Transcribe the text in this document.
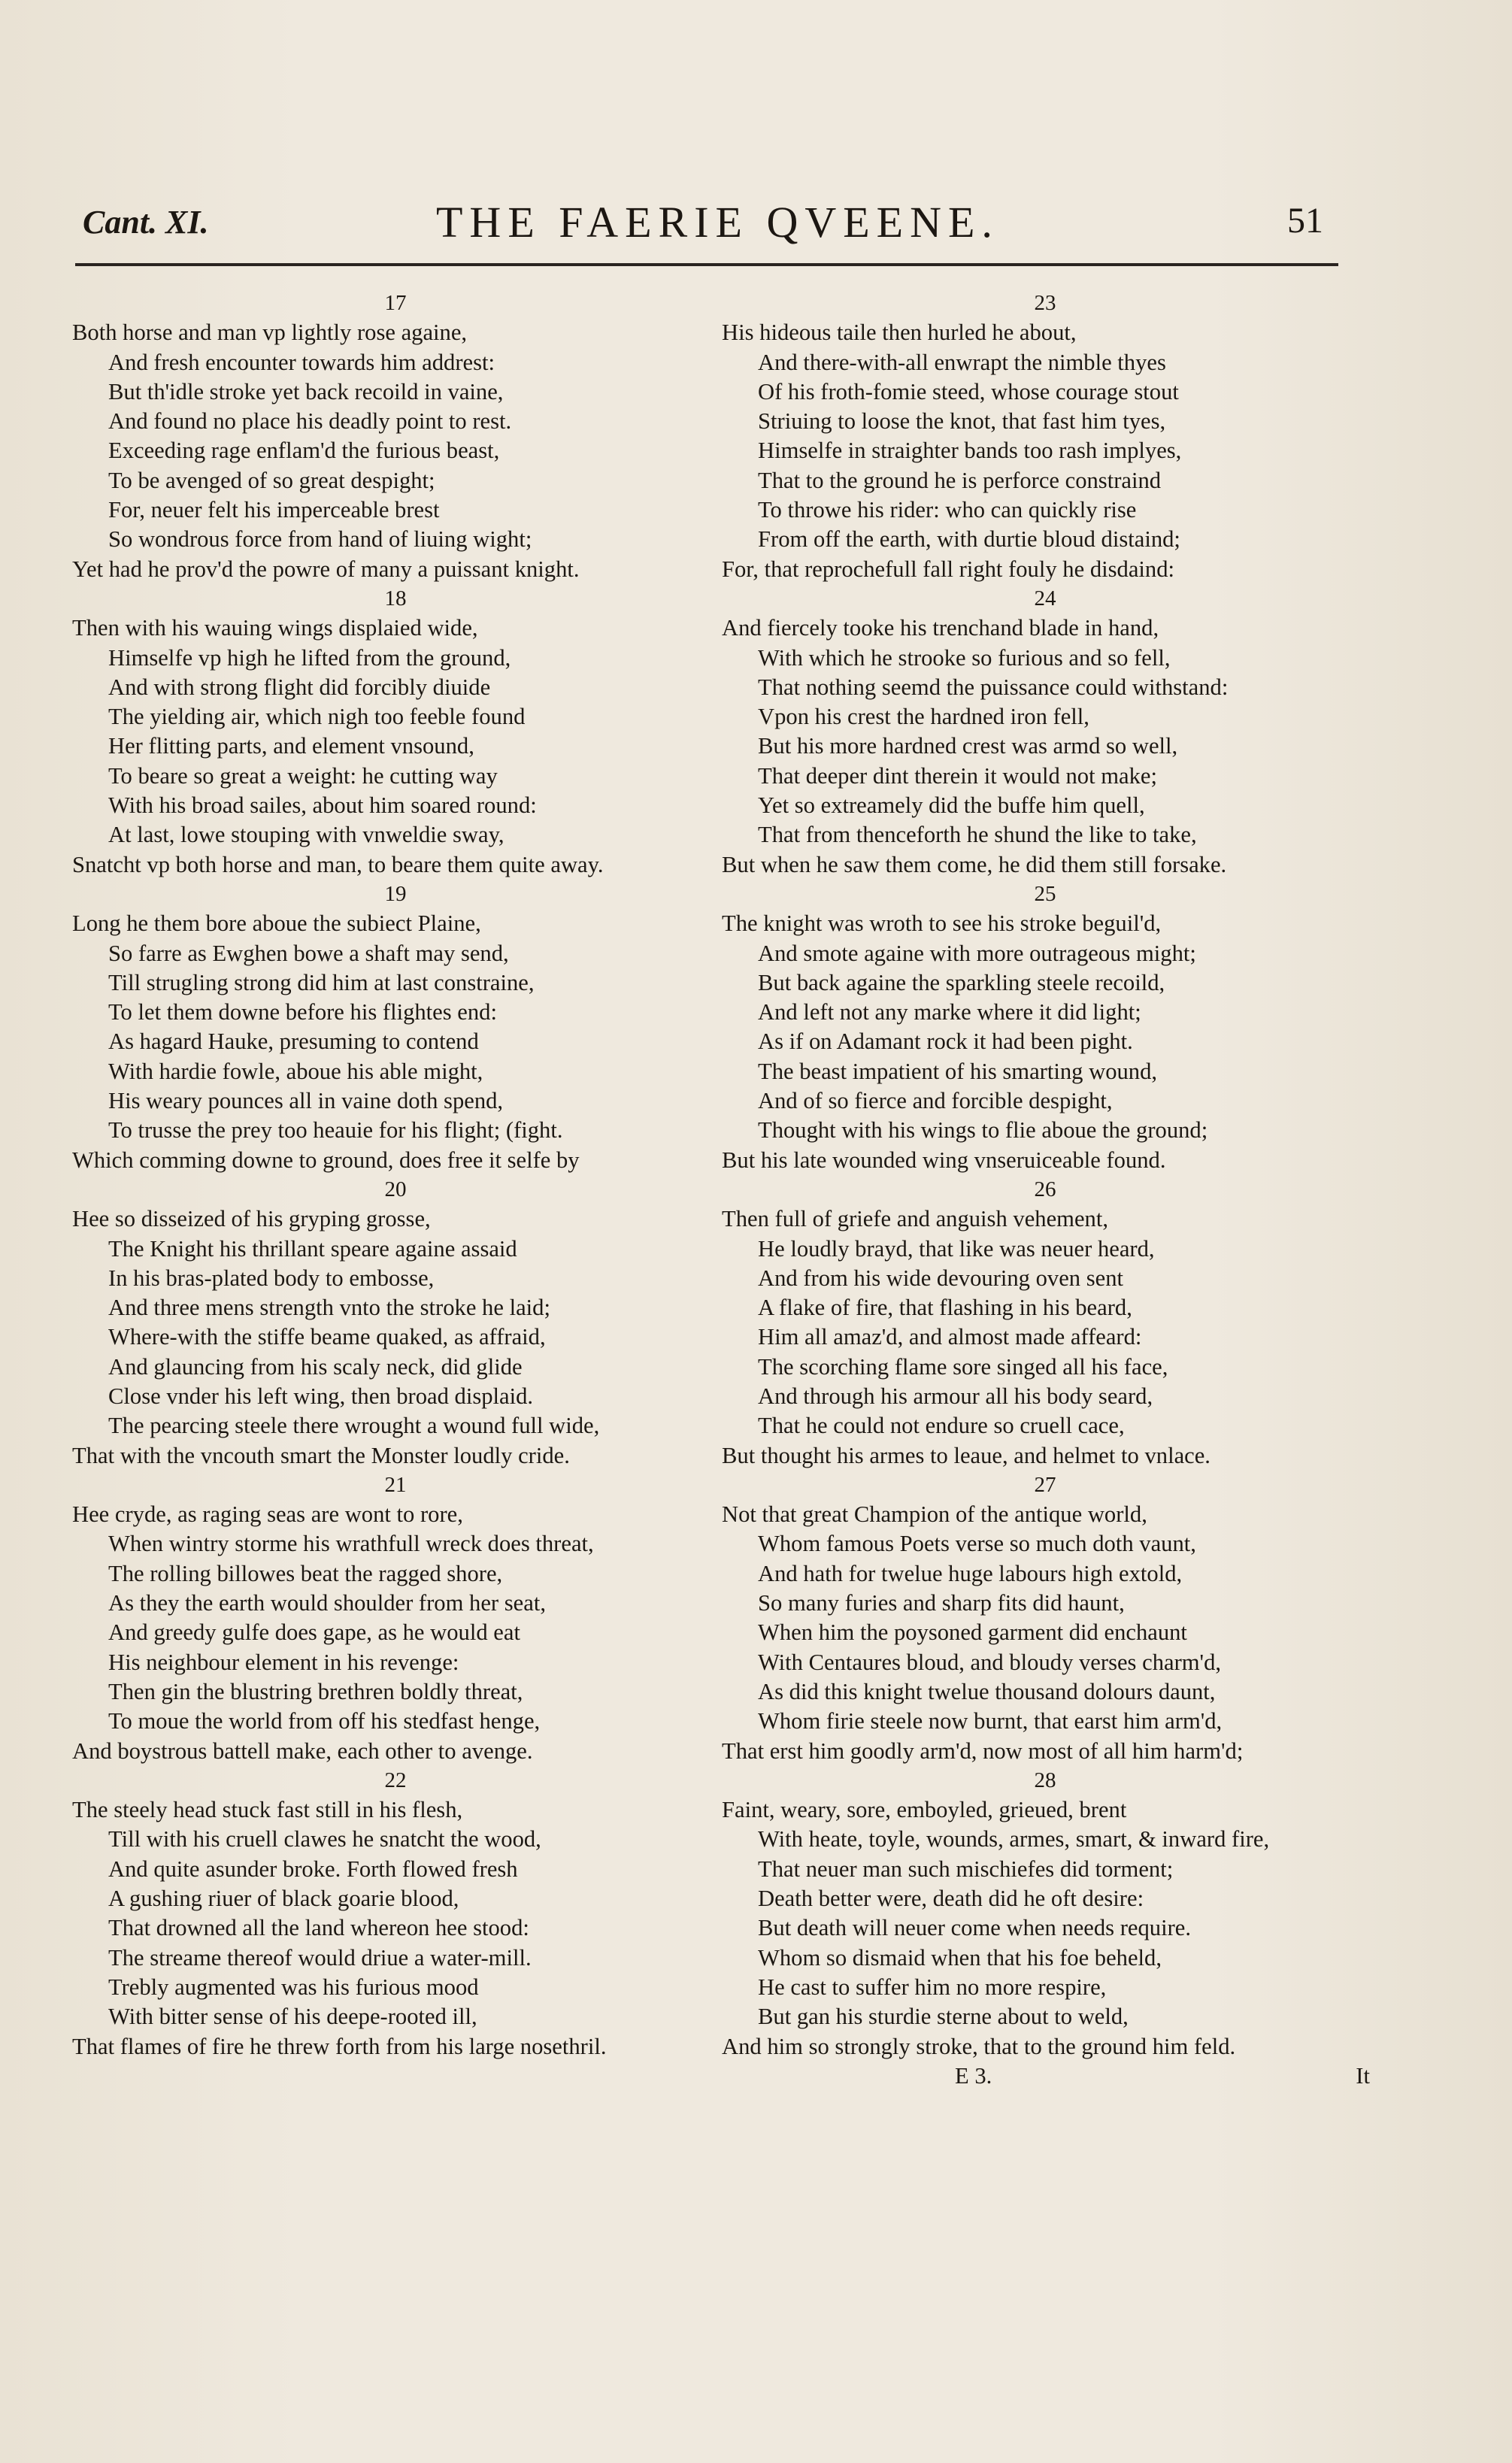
Cant. XI.	THE FAERIE QVEENE.	51
17
Both horse and man vp lightly rose againe,
And fresh encounter towards him addrest:
But th'idle stroke yet back recoild in vaine,
And found no place his deadly point to rest.
Exceeding rage enflam'd the furious beast,
To be avenged of so great despight;
For, neuer felt his imperceable brest
So wondrous force from hand of liuing wight;
Yet had he prov'd the powre of many a puissant knight.
18
Then with his wauing wings displaied wide,
Himselfe vp high he lifted from the ground,
And with strong flight did forcibly diuide
The yielding air, which nigh too feeble found
Her flitting parts, and element vnsound,
To beare so great a weight: he cutting way
With his broad sailes, about him soared round:
At last, lowe stouping with vnweldie sway,
Snatcht vp both horse and man, to beare them quite away.
19
Long he them bore aboue the subiect Plaine,
So farre as Ewghen bowe a shaft may send,
Till strugling strong did him at last constraine,
To let them downe before his flightes end:
As hagard Hauke, presuming to contend
With hardie fowle, aboue his able might,
His weary pounces all in vaine doth spend,
To trusse the prey too heauie for his flight; (fight.
Which comming downe to ground, does free it selfe by
20
Hee so disseized of his gryping grosse,
The Knight his thrillant speare againe assaid
In his bras-plated body to embosse,
And three mens strength vnto the stroke he laid;
Where-with the stiffe beame quaked, as affraid,
And glauncing from his scaly neck, did glide
Close vnder his left wing, then broad displaid.
The pearcing steele there wrought a wound full wide,
That with the vncouth smart the Monster loudly cride.
21
Hee cryde, as raging seas are wont to rore,
When wintry storme his wrathfull wreck does threat,
The rolling billowes beat the ragged shore,
As they the earth would shoulder from her seat,
And greedy gulfe does gape, as he would eat
His neighbour element in his revenge:
Then gin the blustring brethren boldly threat,
To moue the world from off his stedfast henge,
And boystrous battell make, each other to avenge.
22
The steely head stuck fast still in his flesh,
Till with his cruell clawes he snatcht the wood,
And quite asunder broke. Forth flowed fresh
A gushing riuer of black goarie blood,
That drowned all the land whereon hee stood:
The streame thereof would driue a water-mill.
Trebly augmented was his furious mood
With bitter sense of his deepe-rooted ill,
That flames of fire he threw forth from his large nosethril.
23
His hideous taile then hurled he about,
And there-with-all enwrapt the nimble thyes
Of his froth-fomie steed, whose courage stout
Striuing to loose the knot, that fast him tyes,
Himselfe in straighter bands too rash implyes,
That to the ground he is perforce constraind
To throwe his rider: who can quickly rise
From off the earth, with durtie bloud distaind;
For, that reprochefull fall right fouly he disdaind:
24
And fiercely tooke his trenchand blade in hand,
With which he strooke so furious and so fell,
That nothing seemd the puissance could withstand:
Vpon his crest the hardned iron fell,
But his more hardned crest was armd so well,
That deeper dint therein it would not make;
Yet so extreamely did the buffe him quell,
That from thenceforth he shund the like to take,
But when he saw them come, he did them still forsake.
25
The knight was wroth to see his stroke beguil'd,
And smote againe with more outrageous might;
But back againe the sparkling steele recoild,
And left not any marke where it did light;
As if on Adamant rock it had been pight.
The beast impatient of his smarting wound,
And of so fierce and forcible despight,
Thought with his wings to flie aboue the ground;
But his late wounded wing vnseruiceable found.
26
Then full of griefe and anguish vehement,
He loudly brayd, that like was neuer heard,
And from his wide devouring oven sent
A flake of fire, that flashing in his beard,
Him all amaz'd, and almost made affeard:
The scorching flame sore singed all his face,
And through his armour all his body seard,
That he could not endure so cruell cace,
But thought his armes to leaue, and helmet to vnlace.
27
Not that great Champion of the antique world,
Whom famous Poets verse so much doth vaunt,
And hath for twelue huge labours high extold,
So many furies and sharp fits did haunt,
When him the poysoned garment did enchaunt
With Centaures bloud, and bloudy verses charm'd,
As did this knight twelue thousand dolours daunt,
Whom firie steele now burnt, that earst him arm'd,
That erst him goodly arm'd, now most of all him harm'd;
28
Faint, weary, sore, emboyled, grieued, brent
With heate, toyle, wounds, armes, smart, & inward fire,
That neuer man such mischiefes did torment;
Death better were, death did he oft desire:
But death will neuer come when needs require.
Whom so dismaid when that his foe beheld,
He cast to suffer him no more respire,
But gan his sturdie sterne about to weld,
And him so strongly stroke, that to the ground him feld.
E 3.	It
